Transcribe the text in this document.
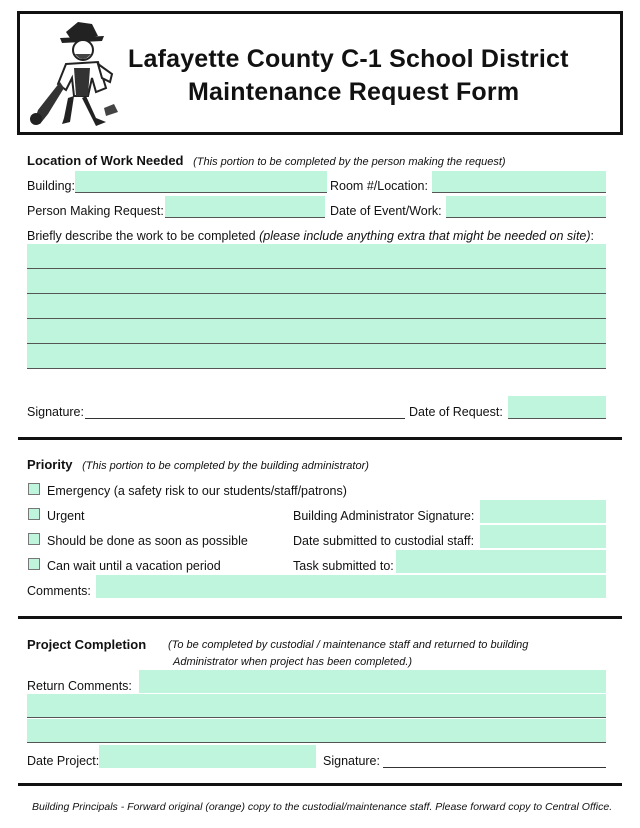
Lafayette County C-1 School District
Maintenance Request Form
Location of Work Needed (This portion to be completed by the person making the request)
Building:	Room #/Location:
Person Making Request:	Date of Event/Work:
Briefly describe the work to be completed (please include anything extra that might be needed on site):
Signature:	Date of Request:
Priority (This portion to be completed by the building administrator)
Emergency (a safety risk to our students/staff/patrons)
Urgent	Building Administrator Signature:
Should be done as soon as possible	Date submitted to custodial staff:
Can wait until a vacation period	Task submitted to:
Comments:
Project Completion (To be completed by custodial / maintenance staff and returned to building
Administrator when project has been completed.)
Return Comments:
Date Project:	Signature:
Building Principals - Forward original (orange) copy to the custodial/maintenance staff. Please forward copy to Central Office.
